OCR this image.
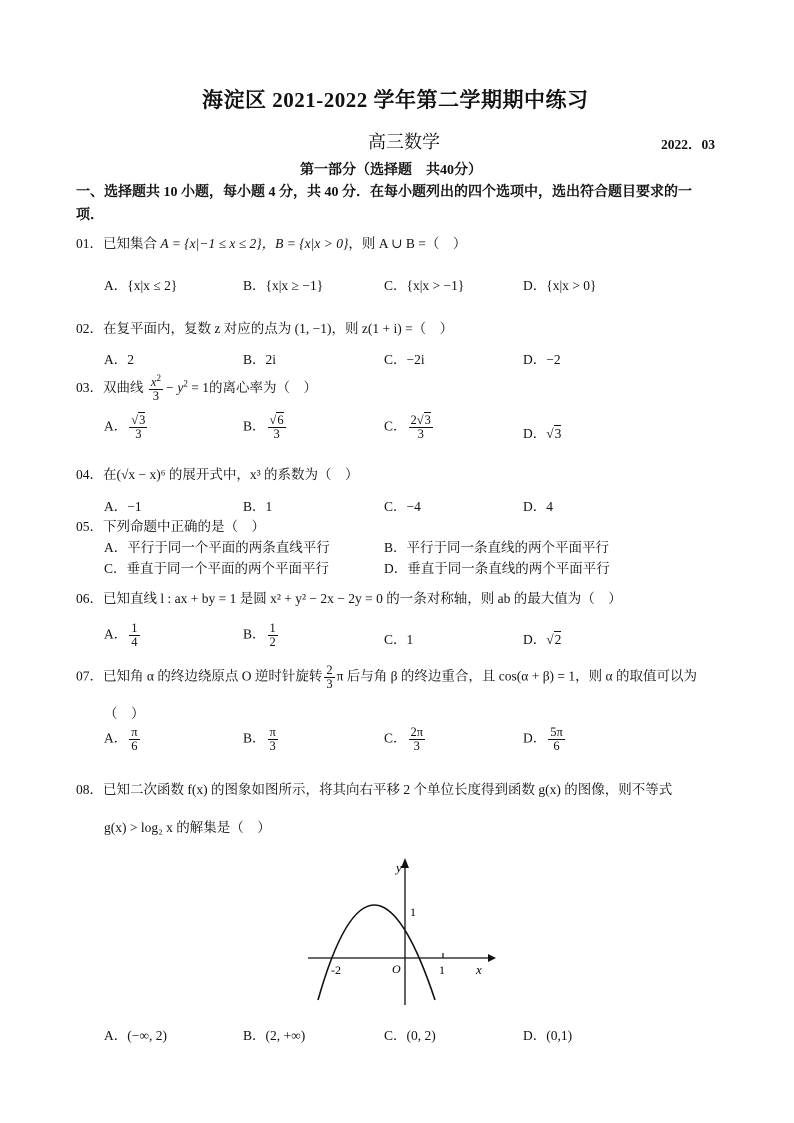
海淀区 2021-2022 学年第二学期期中练习
高三数学	2022．03
第一部分（选择题　共40分）
一、选择题共 10 小题，每小题 4 分，共 40 分．在每小题列出的四个选项中，选出符合题目要求的一
项．
01．已知集合 A = {x|−1 ≤ x ≤ 2}，B = {x|x > 0}，则 A ∪ B =（　）
A．{x|x ≤ 2}	B．{x|x ≥ −1}	C．{x|x > −1}	D．{x|x > 0}
02．在复平面内，复数 z 对应的点为 (1, −1)，则 z(1 + i) =（　）
A．2	B．2i	C．−2i	D．−2
03．双曲线 $\frac{x^2}{3} - y^2 = 1$的离心率为（　）
A． $\frac{√3}{3}$	B． $\frac{√6}{3}$	C． $\frac{2√3}{3}$	D．√3
04．在(√x − x)⁶ 的展开式中，x³ 的系数为（　）
A．−1	B．1	C．−4	D．4
05．下列命题中正确的是（　）
A．平行于同一个平面的两条直线平行	B．平行于同一条直线的两个平面平行
C．垂直于同一个平面的两个平面平行	D．垂直于同一条直线的两个平面平行
06．已知直线 l : ax + by = 1 是圆 x² + y² − 2x − 2y = 0 的一条对称轴，则 ab 的最大值为（　）
A． $\frac{1}{4}$	B． $\frac{1}{2}$	C．1	D．√2
07．已知角 α 的终边绕原点 O 逆时针旋转 $\frac{2}{3}$ π 后与角 β 的终边重合，且 cos(α + β) = 1，则 α 的取值可以为
（　）
A． $\frac{\pi}{6}$	B． $\frac{\pi}{3}$	C． $\frac{2\pi}{3}$	D． $\frac{5\pi}{6}$
08．已知二次函数 f(x) 的图象如图所示，将其向右平移 2 个单位长度得到函数 g(x) 的图像，则不等式
g(x) > log₂ x 的解集是（　）
y
x
O
1
-2	1
A．(−∞, 2)	B．(2, +∞)	C．(0, 2)	D．(0,1)
